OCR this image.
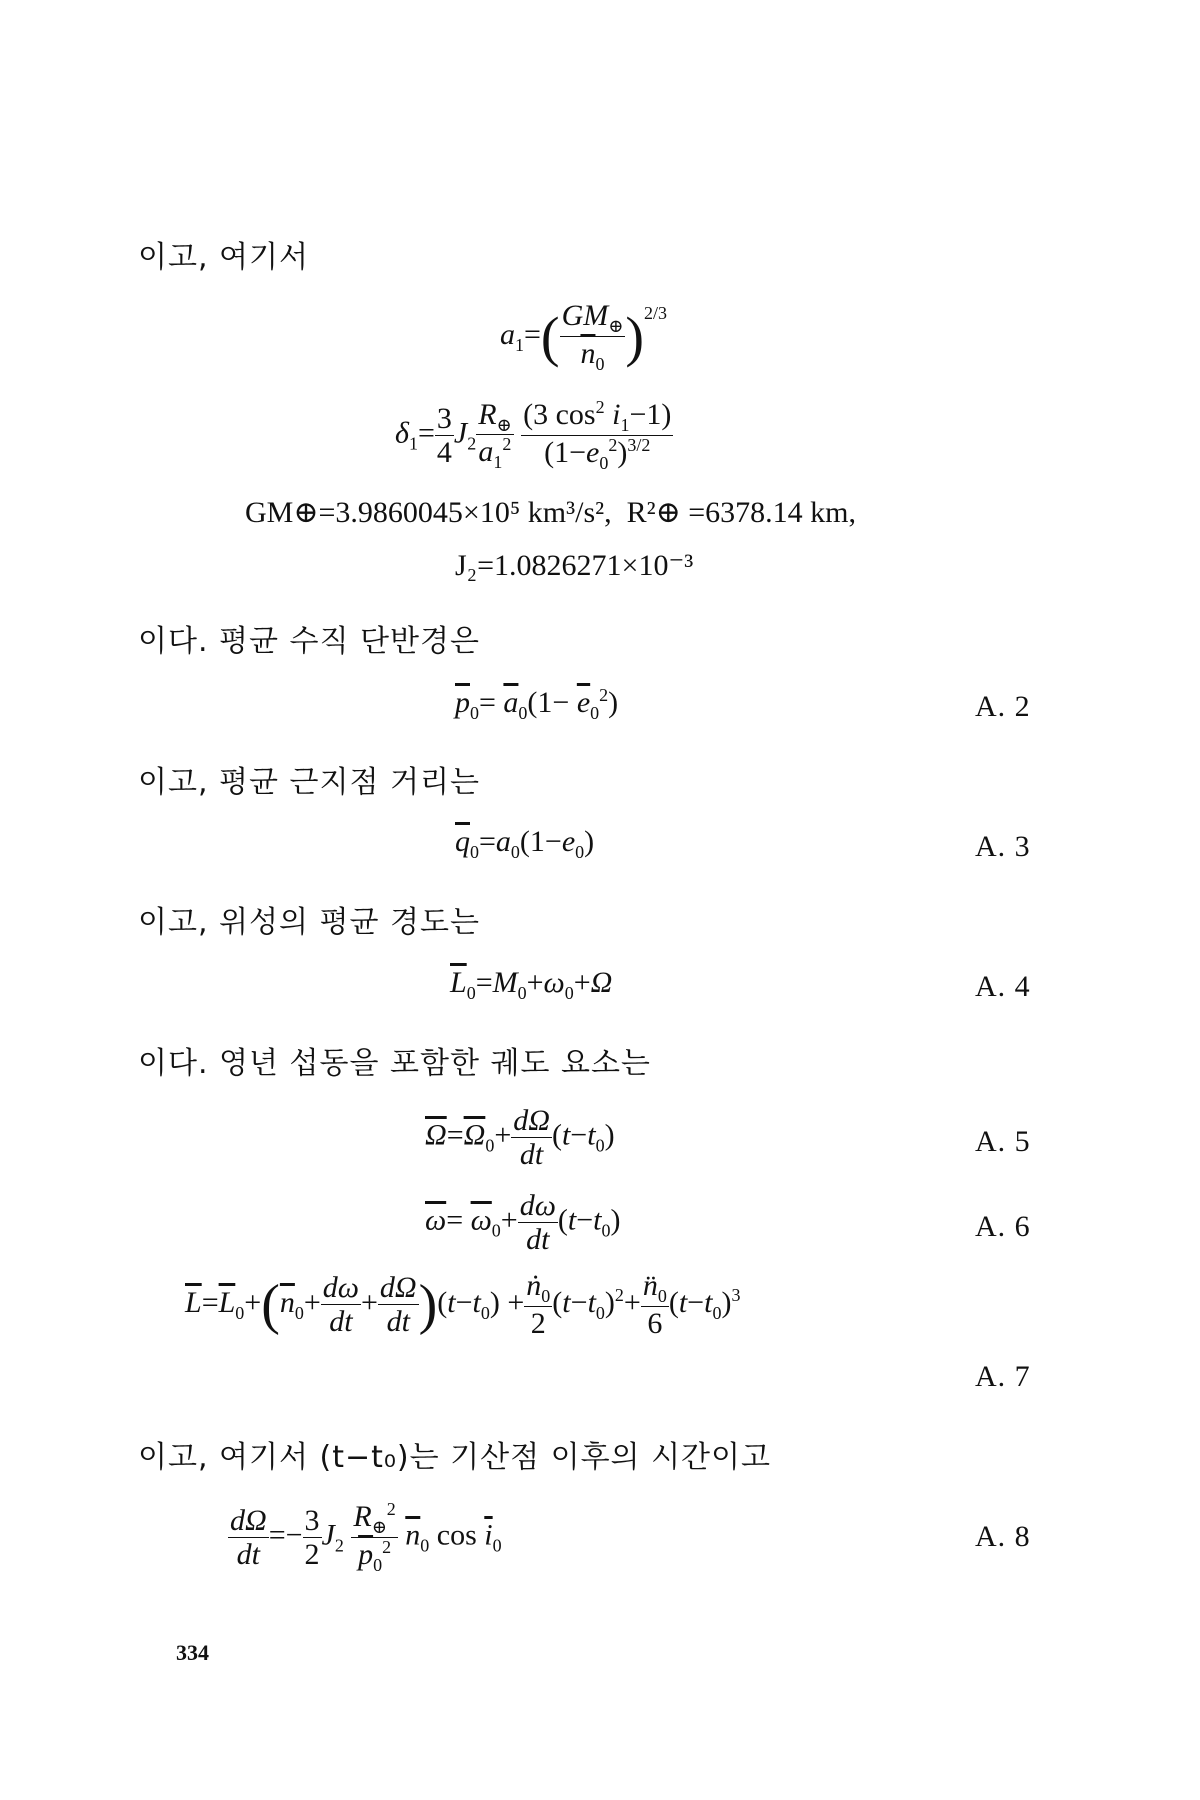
이고, 여기서
$a_1=( \frac{GM_\oplus}{\overline{n}_0} )^{2/3}$
$\delta_1= \frac{3}{4} J_2 \frac{R_\oplus}{a_1^2}$
$\frac{(3 \cos^2 i_1-1)}{(1-e_0^2)^{3/2}}$
GM⊕=3.9860045×10⁵ km³/s², R²⊕ =6378.14 km,
J₂=1.0826271×10⁻³
이다. 평균 수직 단반경은
$\overline{p}_0= \overline{a}_0(1- \overline{e}_0^2)$	A. 2
이고, 평균 근지점 거리는
$\overline{q}_0=a_0(1-e_0)$	A. 3
이고, 위성의 평균 경도는
$\overline{L}_0=M_0+\omega_0+\Omega$	A. 4
이다. 영년 섭동을 포함한 궤도 요소는
$\overline{\Omega}=\overline{\Omega}_0+ \frac{d\Omega}{dt} (t-t_0)$	A. 5
$\overline{\omega}= \overline{\omega}_0+ \frac{d\omega}{dt} (t-t_0)$	A. 6
$\overline{L}=\overline{L}_0+(\overline{n}_0+ \frac{d\omega}{dt} + \frac{d\Omega}{dt} )(t-t_0) + \frac{ṅ_0}{2} (t-t_0)^2+ \frac{n̈_0}{6} (t-t_0)^3$
A. 7
이고, 여기서 (t−t₀)는 기산점 이후의 시간이고
$\frac{d\Omega}{dt} =- \frac{3}{2} J_2 \frac{R_\oplus^2}{\overline{p}_0^2} \overline{n}_0$ $\cos \overline{i}_0$	A. 8
334
